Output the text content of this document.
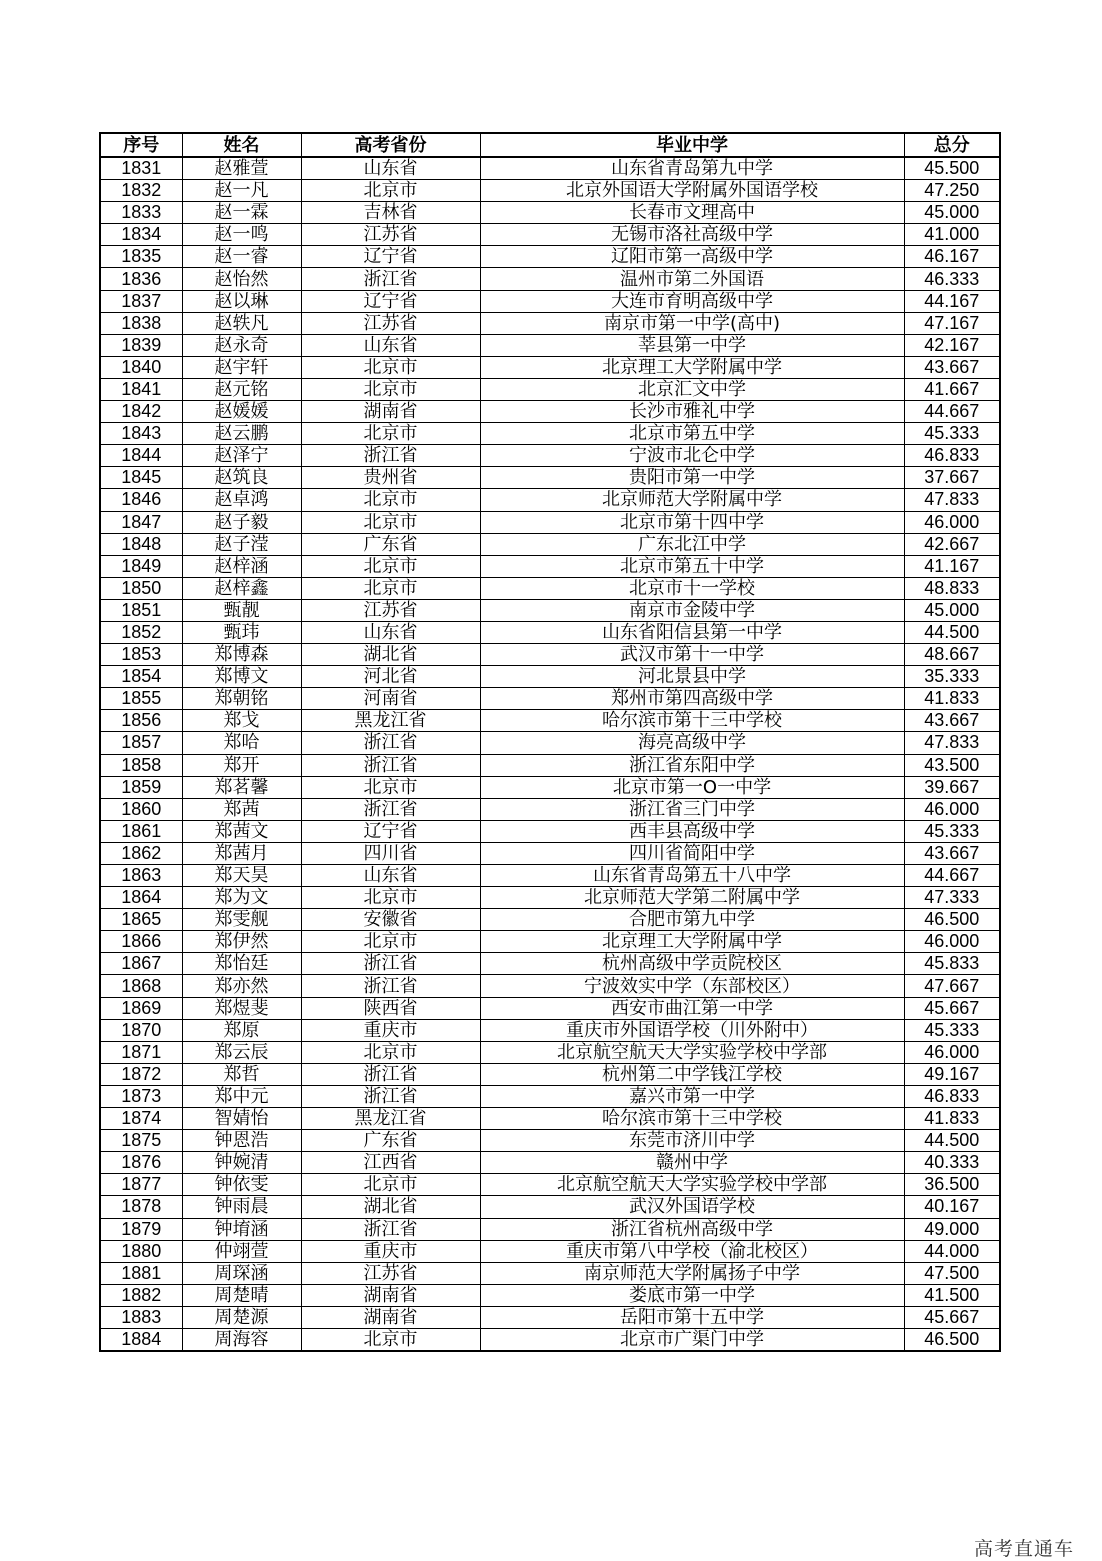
序号	姓名	高考省份	毕业中学	总分
1831	赵雅萱	山东省	山东省青岛第九中学	45.500
1832	赵一凡	北京市	北京外国语大学附属外国语学校	47.250
1833	赵一霖	吉林省	长春市文理高中	45.000
1834	赵一鸣	江苏省	无锡市洛社高级中学	41.000
1835	赵一睿	辽宁省	辽阳市第一高级中学	46.167
1836	赵怡然	浙江省	温州市第二外国语	46.333
1837	赵以琳	辽宁省	大连市育明高级中学	44.167
1838	赵轶凡	江苏省	南京市第一中学(高中)	47.167
1839	赵永奇	山东省	莘县第一中学	42.167
1840	赵宇轩	北京市	北京理工大学附属中学	43.667
1841	赵元铭	北京市	北京汇文中学	41.667
1842	赵媛媛	湖南省	长沙市雅礼中学	44.667
1843	赵云鹏	北京市	北京市第五中学	45.333
1844	赵泽宁	浙江省	宁波市北仑中学	46.833
1845	赵筑良	贵州省	贵阳市第一中学	37.667
1846	赵卓鸿	北京市	北京师范大学附属中学	47.833
1847	赵子毅	北京市	北京市第十四中学	46.000
1848	赵子滢	广东省	广东北江中学	42.667
1849	赵梓涵	北京市	北京市第五十中学	41.167
1850	赵梓鑫	北京市	北京市十一学校	48.833
1851	甄靓	江苏省	南京市金陵中学	45.000
1852	甄玮	山东省	山东省阳信县第一中学	44.500
1853	郑博森	湖北省	武汉市第十一中学	48.667
1854	郑博文	河北省	河北景县中学	35.333
1855	郑朝铭	河南省	郑州市第四高级中学	41.833
1856	郑戈	黑龙江省	哈尔滨市第十三中学校	43.667
1857	郑哈	浙江省	海亮高级中学	47.833
1858	郑开	浙江省	浙江省东阳中学	43.500
1859	郑茗馨	北京市	北京市第一O一中学	39.667
1860	郑茜	浙江省	浙江省三门中学	46.000
1861	郑茜文	辽宁省	西丰县高级中学	45.333
1862	郑茜月	四川省	四川省简阳中学	43.667
1863	郑天昊	山东省	山东省青岛第五十八中学	44.667
1864	郑为文	北京市	北京师范大学第二附属中学	47.333
1865	郑雯舰	安徽省	合肥市第九中学	46.500
1866	郑伊然	北京市	北京理工大学附属中学	46.000
1867	郑怡廷	浙江省	杭州高级中学贡院校区	45.833
1868	郑亦然	浙江省	宁波效实中学（东部校区）	47.667
1869	郑煜斐	陕西省	西安市曲江第一中学	45.667
1870	郑原	重庆市	重庆市外国语学校（川外附中）	45.333
1871	郑云辰	北京市	北京航空航天大学实验学校中学部	46.000
1872	郑哲	浙江省	杭州第二中学钱江学校	49.167
1873	郑中元	浙江省	嘉兴市第一中学	46.833
1874	智婧怡	黑龙江省	哈尔滨市第十三中学校	41.833
1875	钟恩浩	广东省	东莞市济川中学	44.500
1876	钟婉清	江西省	赣州中学	40.333
1877	钟依雯	北京市	北京航空航天大学实验学校中学部	36.500
1878	钟雨晨	湖北省	武汉外国语学校	40.167
1879	钟堉涵	浙江省	浙江省杭州高级中学	49.000
1880	仲翊萱	重庆市	重庆市第八中学校（渝北校区）	44.000
1881	周琛涵	江苏省	南京师范大学附属扬子中学	47.500
1882	周楚晴	湖南省	娄底市第一中学	41.500
1883	周楚源	湖南省	岳阳市第十五中学	45.667
1884	周海容	北京市	北京市广渠门中学	46.500
高考直通车
